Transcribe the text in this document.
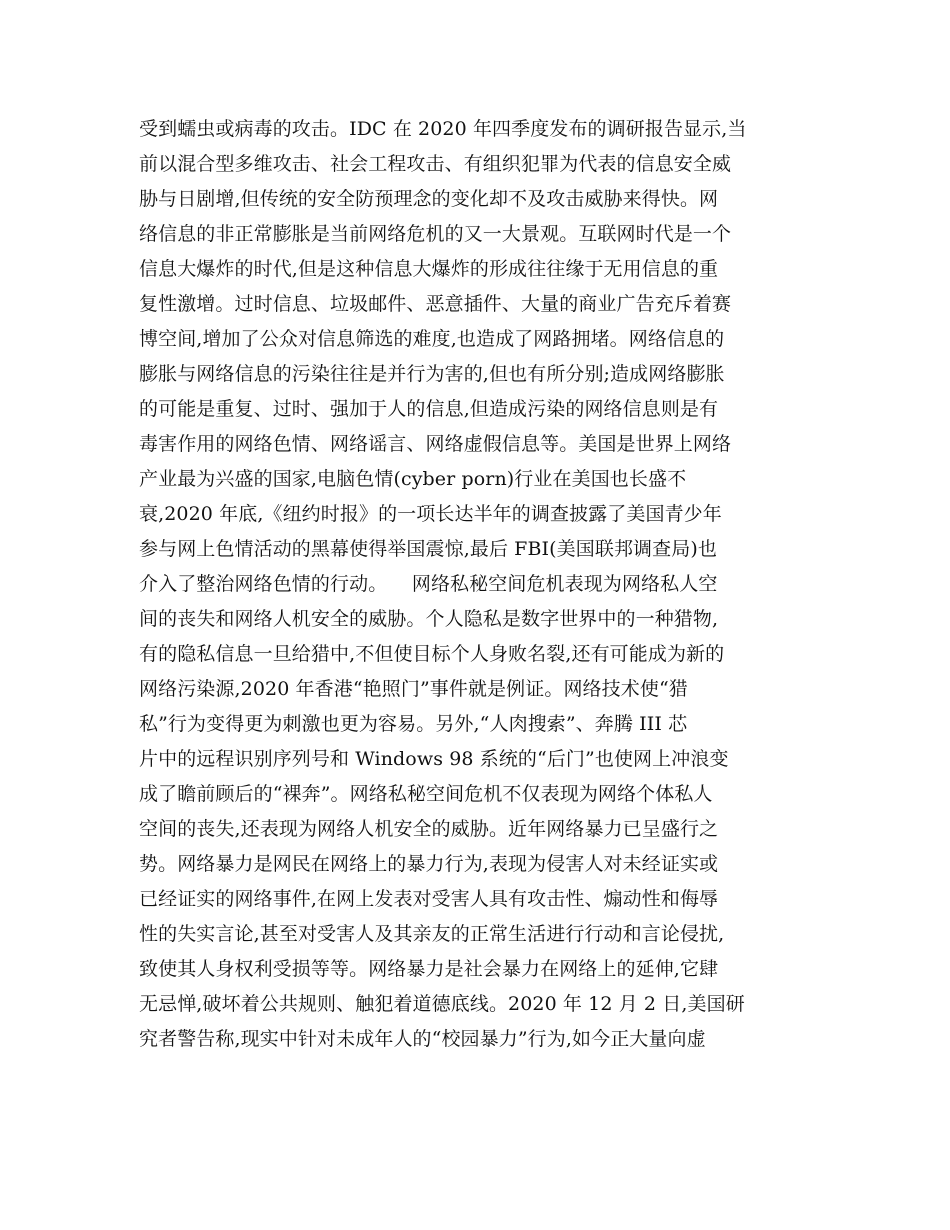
受到蠕虫或病毒的攻击。IDC 在 2020 年四季度发布的调研报告显示,当
前以混合型多维攻击、社会工程攻击、有组织犯罪为代表的信息安全威
胁与日剧增,但传统的安全防预理念的变化却不及攻击威胁来得快。网
络信息的非正常膨胀是当前网络危机的又一大景观。互联网时代是一个
信息大爆炸的时代,但是这种信息大爆炸的形成往往缘于无用信息的重
复性激增。过时信息、垃圾邮件、恶意插件、大量的商业广告充斥着赛
博空间,增加了公众对信息筛选的难度,也造成了网路拥堵。网络信息的
膨胀与网络信息的污染往往是并行为害的,但也有所分别;造成网络膨胀
的可能是重复、过时、强加于人的信息,但造成污染的网络信息则是有
毒害作用的网络色情、网络谣言、网络虚假信息等。美国是世界上网络
产业最为兴盛的国家,电脑色情(cyber porn)行业在美国也长盛不
衰,2020 年底,《纽约时报》的一项长达半年的调查披露了美国青少年
参与网上色情活动的黑幕使得举国震惊,最后 FBI(美国联邦调查局)也
介入了整治网络色情的行动。    网络私秘空间危机表现为网络私人空
间的丧失和网络人机安全的威胁。个人隐私是数字世界中的一种猎物,
有的隐私信息一旦给猎中,不但使目标个人身败名裂,还有可能成为新的
网络污染源,2020 年香港“艳照门”事件就是例证。网络技术使“猎
私”行为变得更为刺激也更为容易。另外,“人肉搜索”、奔腾 III 芯
片中的远程识别序列号和 Windows 98 系统的“后门”也使网上冲浪变
成了瞻前顾后的“裸奔”。网络私秘空间危机不仅表现为网络个体私人
空间的丧失,还表现为网络人机安全的威胁。近年网络暴力已呈盛行之
势。网络暴力是网民在网络上的暴力行为,表现为侵害人对未经证实或
已经证实的网络事件,在网上发表对受害人具有攻击性、煽动性和侮辱
性的失实言论,甚至对受害人及其亲友的正常生活进行行动和言论侵扰,
致使其人身权利受损等等。网络暴力是社会暴力在网络上的延伸,它肆
无忌惮,破坏着公共规则、触犯着道德底线。2020 年 12 月 2 日,美国研
究者警告称,现实中针对未成年人的“校园暴力”行为,如今正大量向虚
